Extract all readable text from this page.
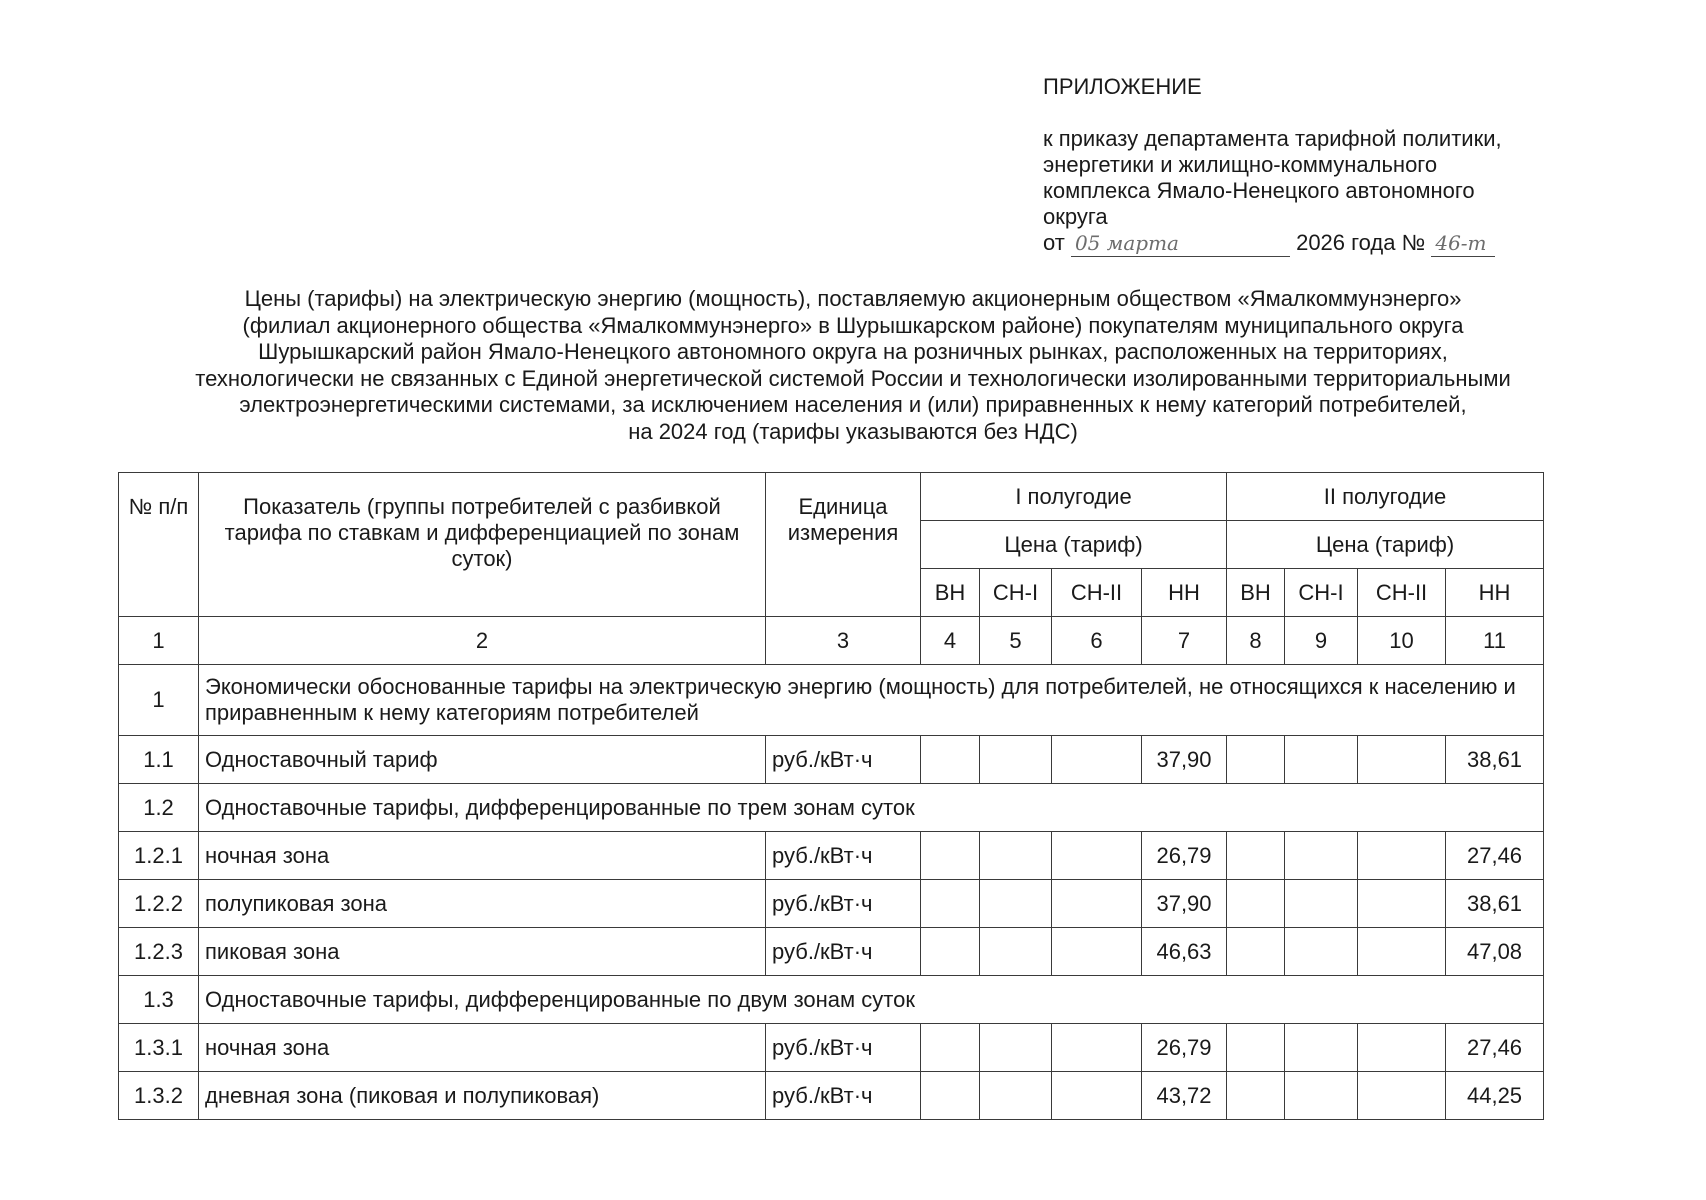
ПРИЛОЖЕНИЕ
к приказу департамента тарифной политики,
энергетики и жилищно-коммунального
комплекса Ямало-Ненецкого автономного
округа
от 05 марта	2026 года № 46-т
Цены (тарифы) на электрическую энергию (мощность), поставляемую акционерным обществом «Ямалкоммунэнерго»
(филиал акционерного общества «Ямалкоммунэнерго» в Шурышкарском районе) покупателям муниципального округа
Шурышкарский район Ямало-Ненецкого автономного округа на розничных рынках, расположенных на территориях,
технологически не связанных с Единой энергетической системой России и технологически изолированными территориальными
электроэнергетическими системами, за исключением населения и (или) приравненных к нему категорий потребителей,
на 2024 год (тарифы указываются без НДС)
№ п/п	Показатель (группы потребителей с разбивкой тарифа по ставкам и дифференциацией по зонам суток)	Единица измерения	I полугодие				II полугодие			
			Цена (тариф)				Цена (тариф)			
			ВН	СН-I	СН-II	НН	ВН	СН-I	СН-II	НН
1	2	3	4	5	6	7	8	9	10	11
1	Экономически обоснованные тарифы на электрическую энергию (мощность) для потребителей, не относящихся к населению и приравненным к нему категориям потребителей									
1.1	Одноставочный тариф	руб./кВт·ч				37,90				38,61
1.2	Одноставочные тарифы, дифференцированные по трем зонам суток									
1.2.1	ночная зона	руб./кВт·ч				26,79				27,46
1.2.2	полупиковая зона	руб./кВт·ч				37,90				38,61
1.2.3	пиковая зона	руб./кВт·ч				46,63				47,08
1.3	Одноставочные тарифы, дифференцированные по двум зонам суток									
1.3.1	ночная зона	руб./кВт·ч				26,79				27,46
1.3.2	дневная зона (пиковая и полупиковая)	руб./кВт·ч				43,72				44,25
